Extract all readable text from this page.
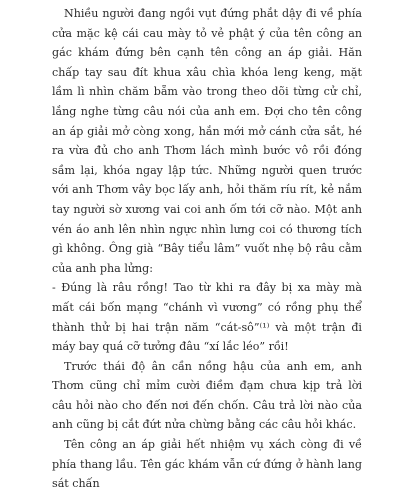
Nhiều người đang ngồi vụt đứng phắt dậy đi về phía cửa mặc kệ cái cau mày tỏ vẻ phật ý của tên công an gác khám đứng bên cạnh tên công an áp giải. Hăn chấp tay sau đít khua xâu chìa khóa leng keng, mặt lầm lì nhìn chăm bẵm vào trong theo dõi từng cử chỉ, lắng nghe từng câu nói của anh em. Đợi cho tên công an áp giải mở còng xong, hắn mới mở cánh cửa sắt, hé ra vừa đủ cho anh Thơm lách mình bước vô rồi đóng sầm lại, khóa ngay lập tức. Những người quen trước với anh Thơm vây bọc lấy anh, hỏi thăm ríu rít, kẻ nắm tay người sờ xương vai coi anh ốm tới cỡ nào. Một anh vén áo anh lên nhìn ngực nhìn lưng coi có thương tích gì không. Ông già “Bây tiểu lâm” vuốt nhẹ bộ râu cằm của anh pha lửng:

- Đúng là râu rồng! Tao từ khi ra đây bị xa mày mà mất cái bốn mạng “chánh vì vương” có rồng phụ thể thành thử bị hai trận năm “cát-sô”⁽¹⁾ và một trận đi máy bay quá cỡ tưởng đâu “xí lắc léo” rồi!

Trước thái độ ân cần nồng hậu của anh em, anh Thơm cũng chỉ mỉm cười điềm đạm chưa kịp trả lời câu hỏi nào cho đến nơi đến chốn. Câu trả lời nào của anh cũng bị cắt đứt nửa chừng bằng các câu hỏi khác.

Tên công an áp giải hết nhiệm vụ xách còng đi về phía thang lầu. Tên gác khám vẫn cứ đứng ở hành lang sát chấn
